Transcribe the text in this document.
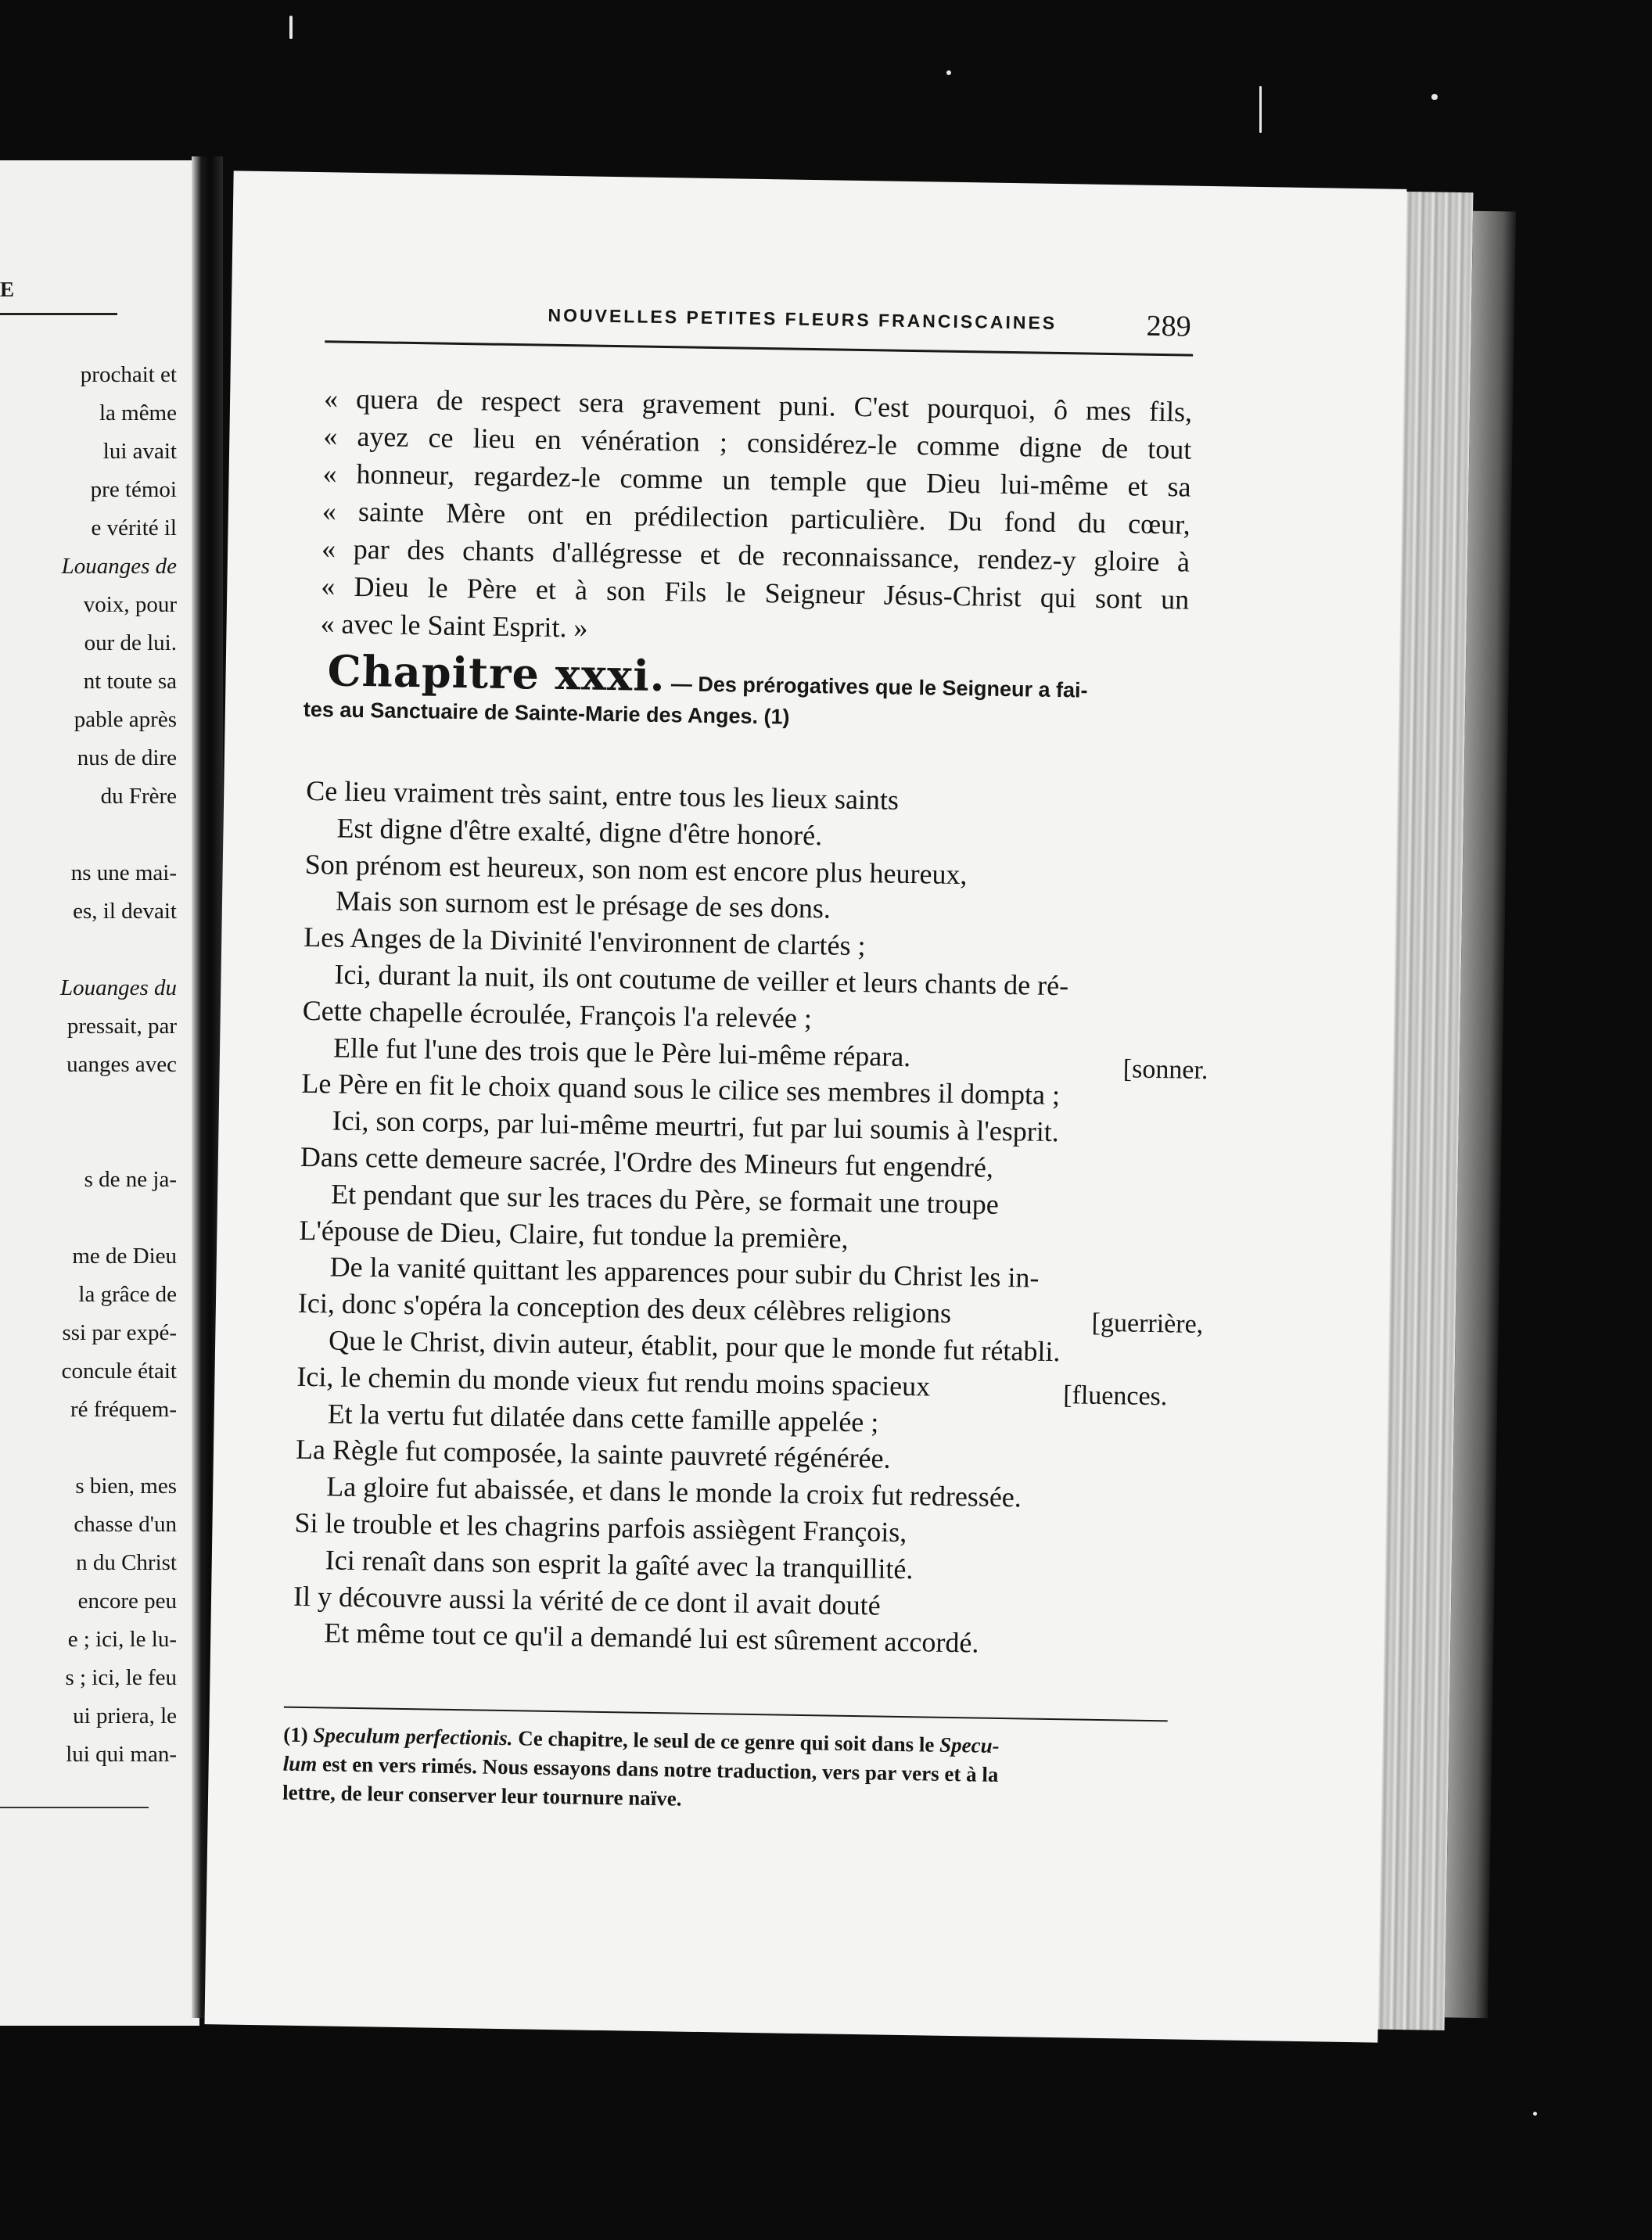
E
prochait et
la même
lui avait
pre témoi
e vérité il
Louanges de
voix, pour
our de lui.
nt toute sa
pable après
nus de dire
du Frère
ns une mai-
es, il devait
Louanges du
pressait, par
uanges avec
s de ne ja-
me de Dieu
la grâce de
ssi par expé-
concule était
ré fréquem-
s bien, mes
chasse d'un
n du Christ
encore peu
e ; ici, le lu-
s ; ici, le feu
ui priera, le
lui qui man-
NOUVELLES PETITES FLEURS FRANCISCAINES	289
« quera de respect sera gravement puni. C'est pourquoi, ô mes fils,
« ayez ce lieu en vénération ; considérez-le comme digne de tout
« honneur, regardez-le comme un temple que Dieu lui-même et sa
« sainte Mère ont en prédilection particulière. Du fond du cœur,
« par des chants d'allégresse et de reconnaissance, rendez-y gloire à
« Dieu le Père et à son Fils le Seigneur Jésus-Christ qui sont un
« avec le Saint Esprit. »
Chapitre xxxi. — Des prérogatives que le Seigneur a fai-
tes au Sanctuaire de Sainte-Marie des Anges. (1)
Ce lieu vraiment très saint, entre tous les lieux saints
Est digne d'être exalté, digne d'être honoré.
Son prénom est heureux, son nom est encore plus heureux,
Mais son surnom est le présage de ses dons.
Les Anges de la Divinité l'environnent de clartés ;
Ici, durant la nuit, ils ont coutume de veiller et leurs chants de ré-
Cette chapelle écroulée, François l'a relevée ;
Elle fut l'une des trois que le Père lui-même répara.
Le Père en fit le choix quand sous le cilice ses membres il dompta ;
Ici, son corps, par lui-même meurtri, fut par lui soumis à l'esprit.
Dans cette demeure sacrée, l'Ordre des Mineurs fut engendré,
Et pendant que sur les traces du Père, se formait une troupe
L'épouse de Dieu, Claire, fut tondue la première,
De la vanité quittant les apparences pour subir du Christ les in-
Ici, donc s'opéra la conception des deux célèbres religions
Que le Christ, divin auteur, établit, pour que le monde fut rétabli.
Ici, le chemin du monde vieux fut rendu moins spacieux
Et la vertu fut dilatée dans cette famille appelée ;
La Règle fut composée, la sainte pauvreté régénérée.
La gloire fut abaissée, et dans le monde la croix fut redressée.
Si le trouble et les chagrins parfois assiègent François,
Ici renaît dans son esprit la gaîté avec la tranquillité.
Il y découvre aussi la vérité de ce dont il avait douté
Et même tout ce qu'il a demandé lui est sûrement accordé.
[sonner.
[guerrière,
[fluences.
(1) Speculum perfectionis. Ce chapitre, le seul de ce genre qui soit dans le Specu-
lum est en vers rimés. Nous essayons dans notre traduction, vers par vers et à la
lettre, de leur conserver leur tournure naïve.
